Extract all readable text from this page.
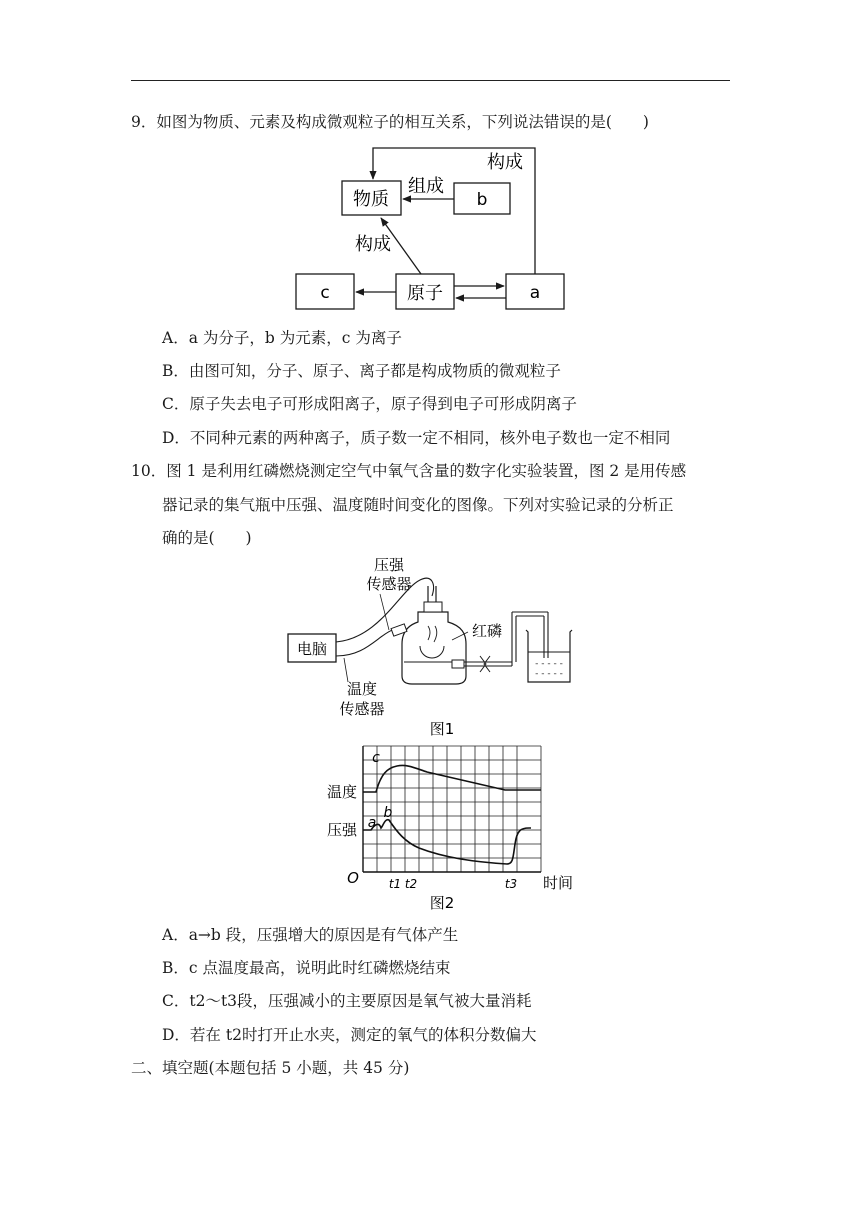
9．如图为物质、元素及构成微观粒子的相互关系，下列说法错误的是(　　)
物质	b
c	原子	a
构成
组成
构成
A．a 为分子，b 为元素，c 为离子
B．由图可知，分子、原子、离子都是构成物质的微观粒子
C．原子失去电子可形成阳离子，原子得到电子可形成阴离子
D．不同种元素的两种离子，质子数一定不相同，核外电子数也一定不相同
10．图 1 是利用红磷燃烧测定空气中氧气含量的数字化实验装置，图 2 是用传感
器记录的集气瓶中压强、温度随时间变化的图像。下列对实验记录的分析正
确的是(　　)
压强
传感器
电脑
红磷
- - - - -
- - - - -
温度
传感器
图1
温度
压强
O
a
b
c
t1 t2	t3 时间
图2
A．a→b 段，压强增大的原因是有气体产生
B．c 点温度最高，说明此时红磷燃烧结束
C．t2～t3段，压强减小的主要原因是氧气被大量消耗
D．若在 t2时打开止水夹，测定的氧气的体积分数偏大
二、填空题(本题包括 5 小题，共 45 分)
